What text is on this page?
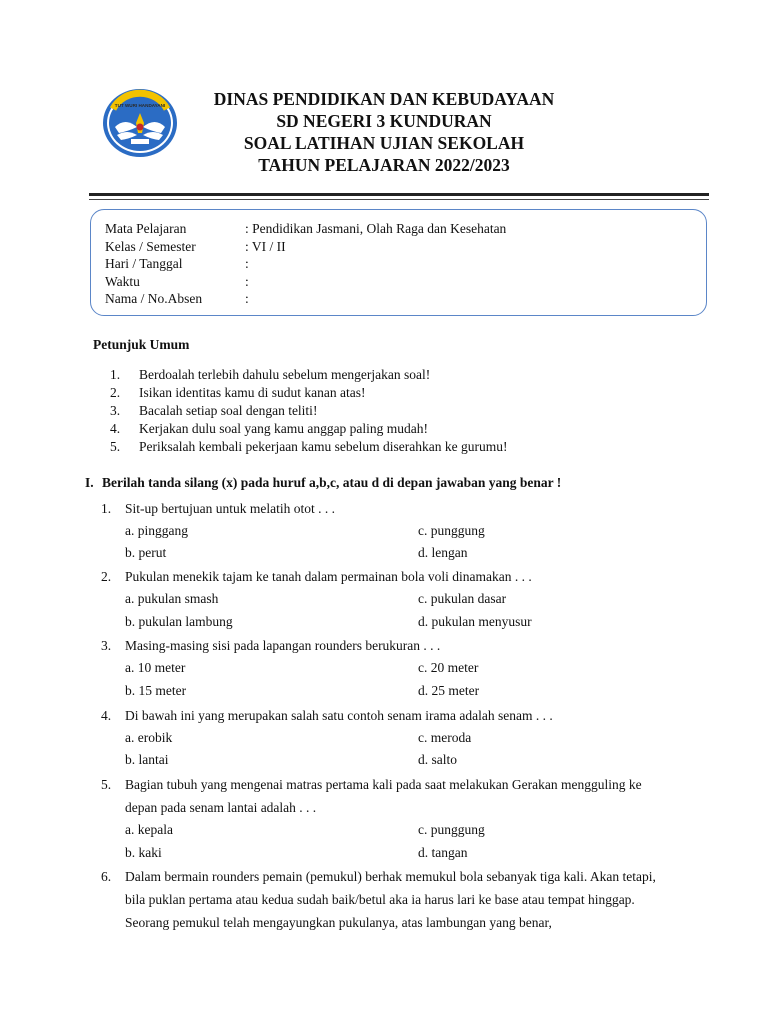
TUT WURI HANDAYANI	DINAS PENDIDIKAN DAN KEBUDAYAAN
SD NEGERI 3 KUNDURAN
SOAL LATIHAN UJIAN SEKOLAH
TAHUN PELAJARAN 2022/2023
Mata Pelajaran	: Pendidikan Jasmani, Olah Raga dan Kesehatan
Kelas / Semester	: VI / II
Hari / Tanggal	:
Waktu	:
Nama / No.Absen	:
Petunjuk Umum
1. Berdoalah terlebih dahulu sebelum mengerjakan soal!
2. Isikan identitas kamu di sudut kanan atas!
3. Bacalah setiap soal dengan teliti!
4. Kerjakan dulu soal yang kamu anggap paling mudah!
5. Periksalah kembali pekerjaan kamu sebelum diserahkan ke gurumu!
I. Berilah tanda silang (x) pada huruf a,b,c, atau d di depan jawaban yang benar !
1. Sit-up bertujuan untuk melatih otot . . .
a. pinggang	c. punggung
b. perut	d. lengan
2. Pukulan menekik tajam ke tanah dalam permainan bola voli dinamakan . . .
a. pukulan smash	c. pukulan dasar
b. pukulan lambung	d. pukulan menyusur
3. Masing-masing sisi pada lapangan rounders berukuran . . .
a. 10 meter	c. 20 meter
b. 15 meter	d. 25 meter
4. Di bawah ini yang merupakan salah satu contoh senam irama adalah senam . . .
a. erobik	c. meroda
b. lantai	d. salto
5. Bagian tubuh yang mengenai matras pertama kali pada saat melakukan Gerakan mengguling ke depan pada senam lantai adalah . . .
a. kepala	c. punggung
b. kaki	d. tangan
6. Dalam bermain rounders pemain (pemukul) berhak memukul bola sebanyak tiga kali. Akan tetapi, bila puklan pertama atau kedua sudah baik/betul aka ia harus lari ke base atau tempat hinggap. Seorang pemukul telah mengayungkan pukulanya, atas lambungan yang benar,
